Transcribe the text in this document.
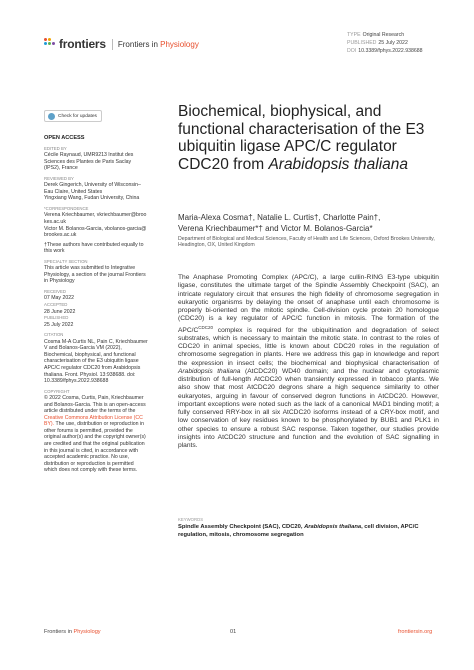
frontiers Frontiers in Physiology
TYPE Original Research
PUBLISHED 25 July 2022
DOI 10.3389/fphys.2022.938688
Check for updates
OPEN ACCESS
EDITED BY
Cécile Raynaud, UMR9213 Institut des Sciences des Plantes de Paris Saclay (IPS2), France
REVIEWED BY
Derek Gingerich, University of Wisconsin–Eau Claire, United States
Yingxiang Wang, Fudan University, China
*CORRESPONDENCE
Verena Kriechbaumer, vkriechbaumer@brookes.ac.uk
Victor M. Bolanos-Garcia, vbolanos-garcia@brookes.ac.uk
†These authors have contributed equally to this work
SPECIALTY SECTION
This article was submitted to Integrative Physiology, a section of the journal Frontiers in Physiology
RECEIVED
07 May 2022
ACCEPTED
28 June 2022
PUBLISHED
25 July 2022
CITATION
Cosma M-A Curtis NL, Pain C, Kriechbaumer V and Bolanos-Garcia VM (2022), Biochemical, biophysical, and functional characterisation of the E3 ubiquitin ligase APC/C regulator CDC20 from Arabidopsis thaliana. Front. Physiol. 13:938688. doi: 10.3389/fphys.2022.938688
COPYRIGHT
© 2022 Cosma, Curtis, Pain, Kriechbaumer and Bolanos-Garcia. This is an open-access article distributed under the terms of the Creative Commons Attribution License (CC BY). The use, distribution or reproduction in other forums is permitted, provided the original author(s) and the copyright owner(s) are credited and that the original publication in this journal is cited, in accordance with accepted academic practice. No use, distribution or reproduction is permitted which does not comply with these terms.
Biochemical, biophysical, and functional characterisation of the E3 ubiquitin ligase APC/C regulator CDC20 from Arabidopsis thaliana
Maria-Alexa Cosma†, Natalie L. Curtis†, Charlotte Pain†,
Verena Kriechbaumer*† and Victor M. Bolanos-Garcia*
Department of Biological and Medical Sciences, Faculty of Health and Life Sciences, Oxford Brookes University, Headington, OX, United Kingdom
The Anaphase Promoting Complex (APC/C), a large cullin-RING E3-type ubiquitin ligase, constitutes the ultimate target of the Spindle Assembly Checkpoint (SAC), an intricate regulatory circuit that ensures the high fidelity of chromosome segregation in eukaryotic organisms by delaying the onset of anaphase until each chromosome is properly bi-oriented on the mitotic spindle. Cell-division cycle protein 20 homologue (CDC20) is a key regulator of APC/C function in mitosis. The formation of the APC/$C^{CDC20}$ complex is required for the ubiquitination and degradation of select substrates, which is necessary to maintain the mitotic state. In contrast to the roles of CDC20 in animal species, little is known about CDC20 roles in the regulation of chromosome segregation in plants. Here we address this gap in knowledge and report the expression in insect cells; the biochemical and biophysical characterisation of Arabidopsis thaliana (AtCDC20) WD40 domain; and the nuclear and cytoplasmic distribution of full-length AtCDC20 when transiently expressed in tobacco plants. We also show that most AtCDC20 degrons share a high sequence similarity to other eukaryotes, arguing in favour of conserved degron functions in AtCDC20. However, important exceptions were noted such as the lack of a canonical MAD1 binding motif; a fully conserved RRY-box in all six AtCDC20 isoforms instead of a CRY-box motif, and low conservation of key residues known to be phosphorylated by BUB1 and PLK1 in other species to ensure a robust SAC response. Taken together, our studies provide insights into AtCDC20 structure and function and the evolution of SAC signalling in plants.
KEYWORDS
Spindle Assembly Checkpoint (SAC), CDC20, Arabidopsis thaliana, cell division, APC/C regulation, mitosis, chromosome segregation
Frontiers in Physiology	01	frontiersin.org
